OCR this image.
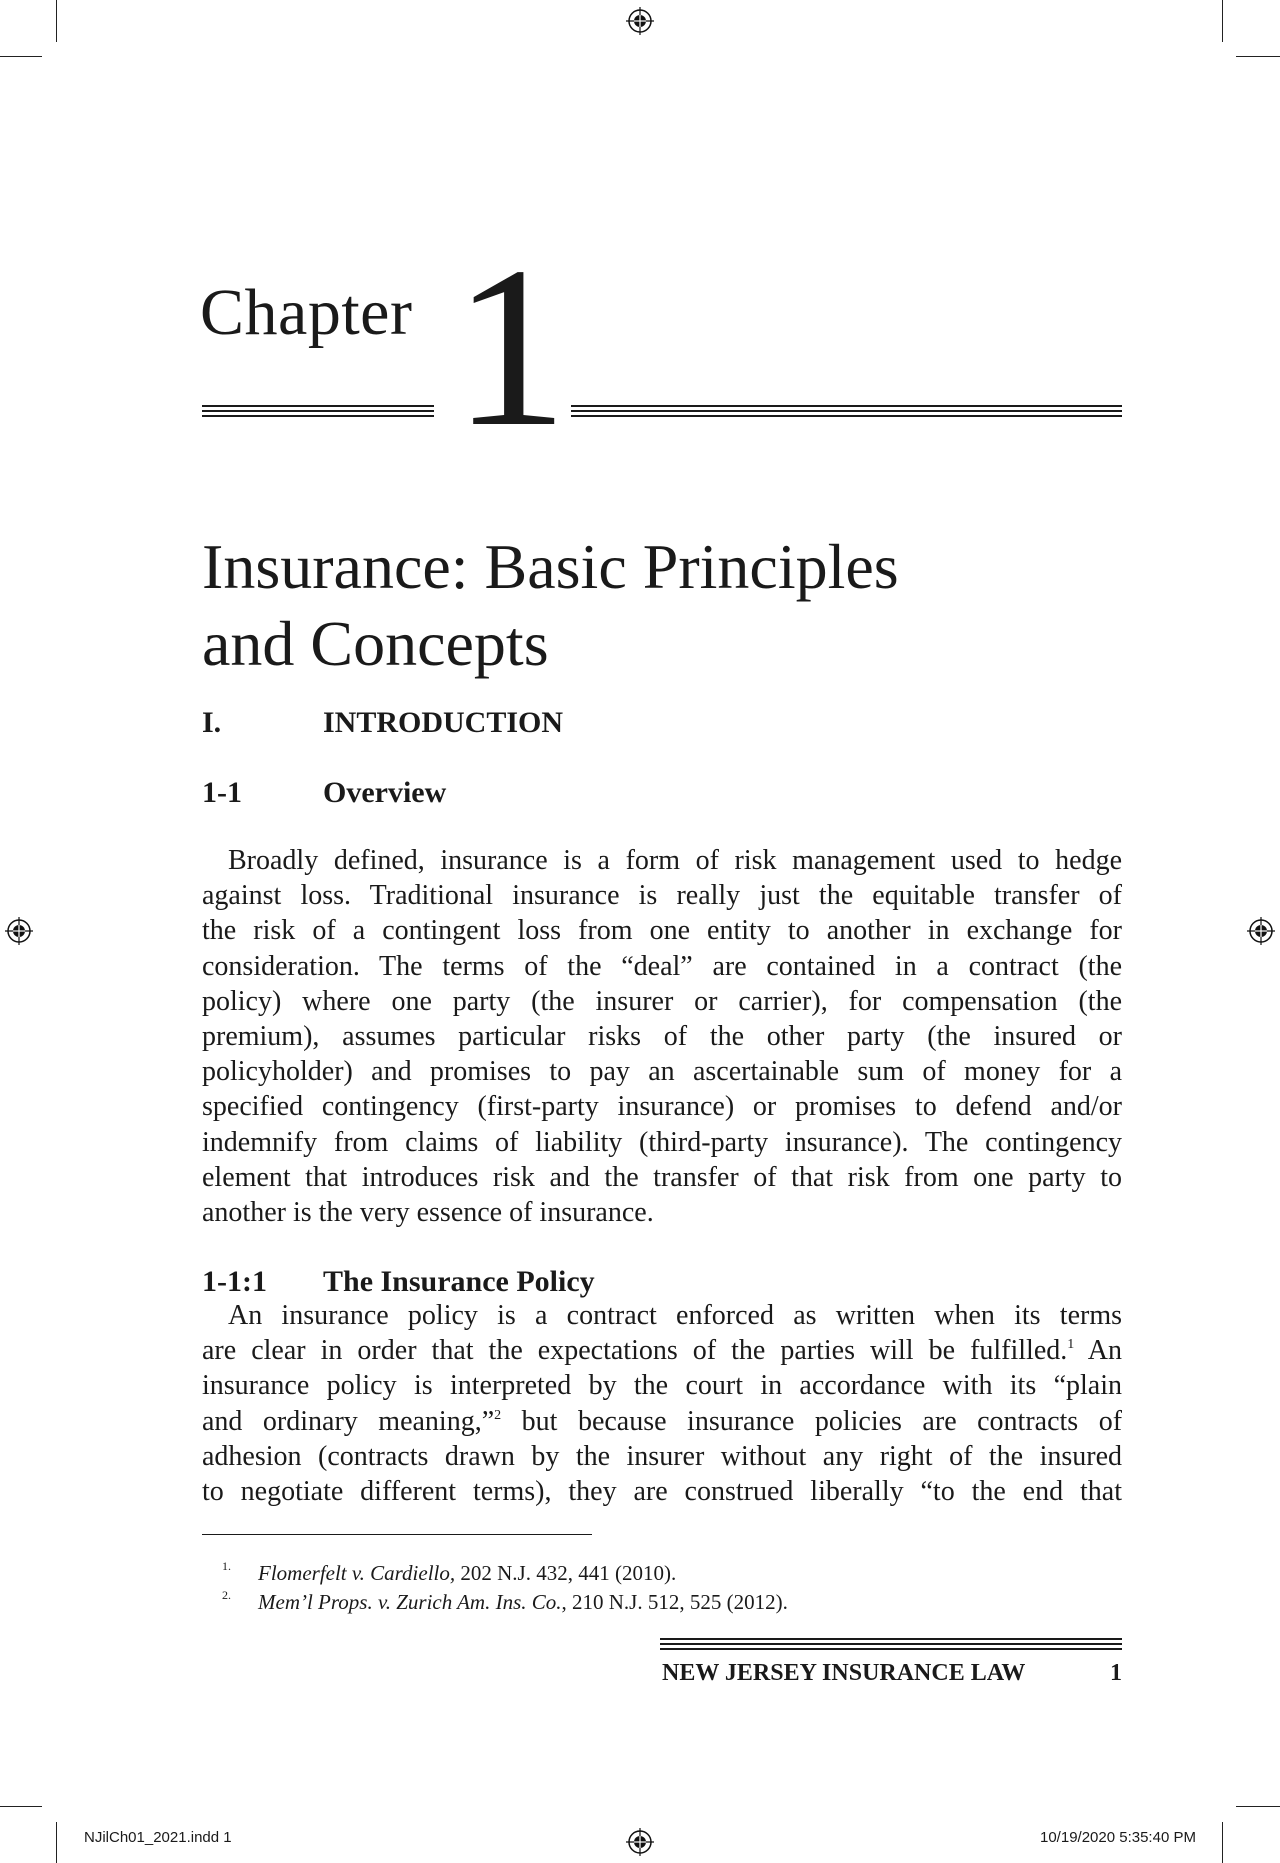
Chapter 1
Insurance: Basic Principles
and Concepts
I.	INTRODUCTION
1-1	Overview
Broadly defined, insurance is a form of risk management used to hedge
against loss. Traditional insurance is really just the equitable transfer of
the risk of a contingent loss from one entity to another in exchange for
consideration. The terms of the “deal” are contained in a contract (the
policy) where one party (the insurer or carrier), for compensation (the
premium), assumes particular risks of the other party (the insured or
policyholder) and promises to pay an ascertainable sum of money for a
specified contingency (first-party insurance) or promises to defend and/or
indemnify from claims of liability (third-party insurance). The contingency
element that introduces risk and the transfer of that risk from one party to
another is the very essence of insurance.
1-1:1 The Insurance Policy
An insurance policy is a contract enforced as written when its terms
are clear in order that the expectations of the parties will be fulfilled.$^1$ An
insurance policy is interpreted by the court in accordance with its “plain
and ordinary meaning,”$^2$ but because insurance policies are contracts of
adhesion (contracts drawn by the insurer without any right of the insured
to negotiate different terms), they are construed liberally “to the end that
1. Flomerfelt v. Cardiello, 202 N.J. 432, 441 (2010).
2. Mem’l Props. v. Zurich Am. Ins. Co., 210 N.J. 512, 525 (2012).
NEW JERSEY INSURANCE LAW	1
NJilCh01_2021.indd 1	10/19/2020 5:35:40 PM
